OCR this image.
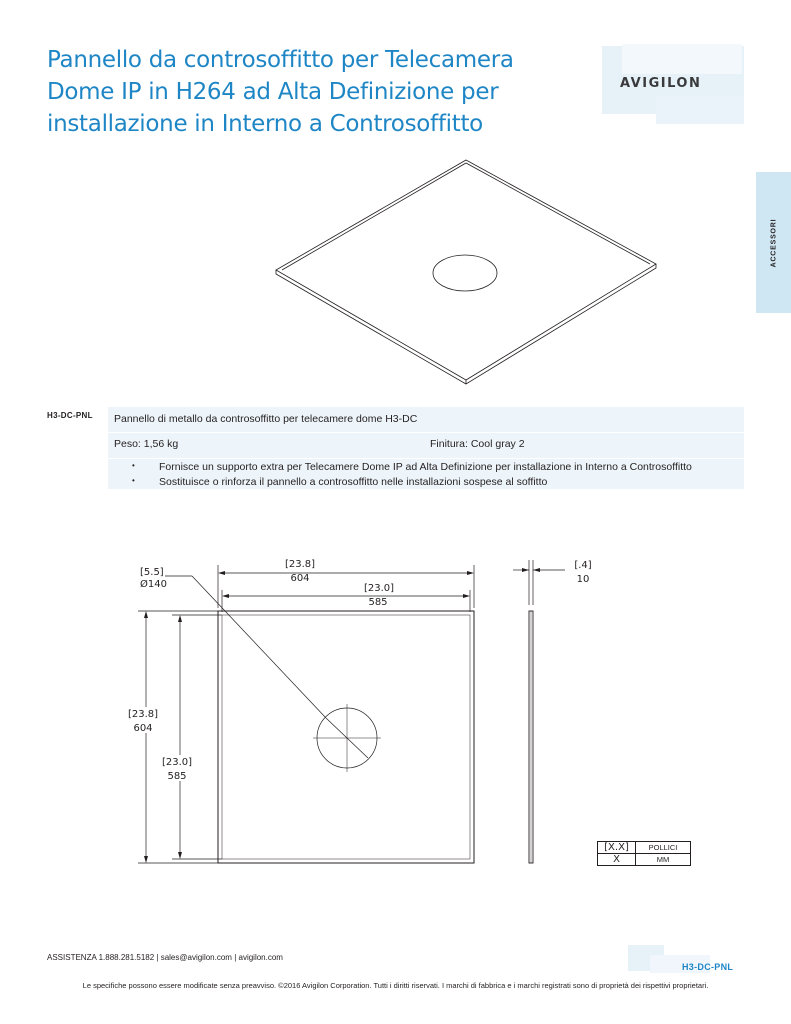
Pannello da controsoffitto per Telecamera
Dome IP in H264 ad Alta Definizione per
installazione in Interno a Controsoffitto
AVIGILON
ACCESSORI
[5.5]
Ø140
[23.8]
604
[23.0]
585
[23.8]
604
[23.0]
585
[.4]
10
H3-DC-PNL Pannello di metallo da controsoffitto per telecamere dome H3-DC
Peso: 1,56 kg	Finitura: Cool gray 2
• Fornisce un supporto extra per Telecamere Dome IP ad Alta Definizione per installazione in Interno a Controsoffitto
• Sostituisce o rinforza il pannello a controsoffitto nelle installazioni sospese al soffitto
[X.X]	POLLICI
X	MM
ASSISTENZA 1.888.281.5182 | sales@avigilon.com | avigilon.com
H3-DC-PNL
Le specifiche possono essere modificate senza preavviso. ©2016 Avigilon Corporation. Tutti i diritti riservati. I marchi di fabbrica e i marchi registrati sono di proprietà dei rispettivi proprietari.
